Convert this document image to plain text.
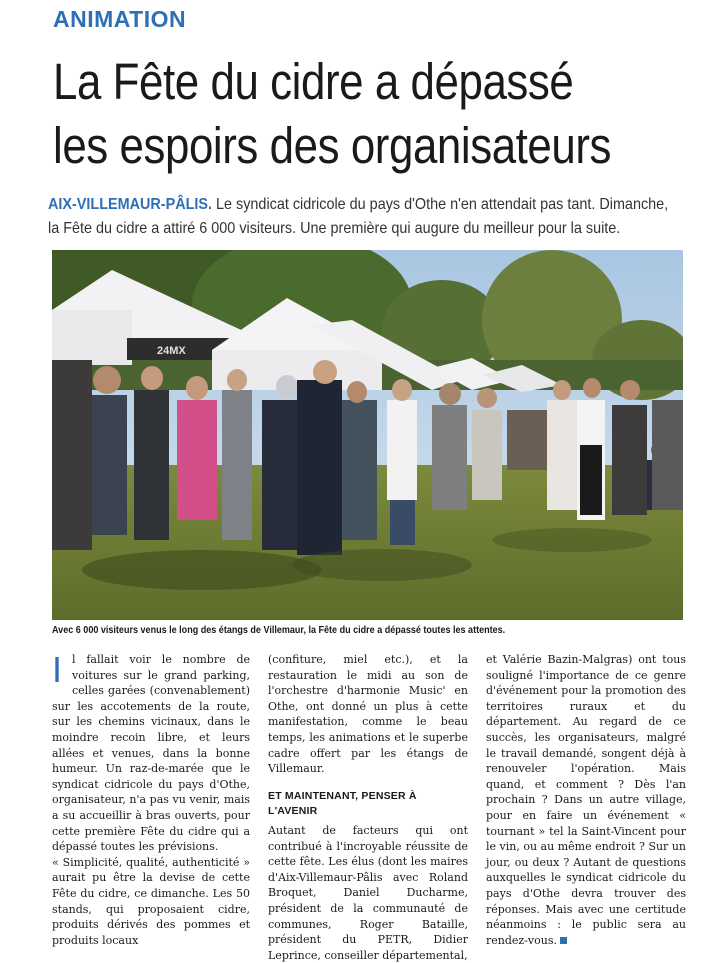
ANIMATION
La Fête du cidre a dépassé
les espoirs des organisateurs
AIX-VILLEMAUR-PÂLIS. Le syndicat cidricole du pays d'Othe n'en attendait pas tant. Dimanche, la Fête du cidre a attiré 6 000 visiteurs. Une première qui augure du meilleur pour la suite.
24MX
Avec 6 000 visiteurs venus le long des étangs de Villemaur, la Fête du cidre a dépassé toutes les attentes.

Il fallait voir le nombre de voitures sur le grand parking, celles garées (convenablement) sur les accotements de la route, sur les chemins vicinaux, dans le moindre recoin libre, et leurs allées et venues, dans la bonne humeur. Un raz-de-marée que le syndicat cidricole du pays d'Othe, organisateur, n'a pas vu venir, mais a su accueillir à bras ouverts, pour cette première Fête du cidre qui a dépassé toutes les prévisions.

« Simplicité, qualité, authenticité » aurait pu être la devise de cette Fête du cidre, ce dimanche. Les 50 stands, qui proposaient cidre, produits dérivés des pommes et produits locaux

(confiture, miel etc.), et la restauration le midi au son de l'orchestre d'harmonie Music' en Othe, ont donné un plus à cette manifestation, comme le beau temps, les animations et le superbe cadre offert par les étangs de Villemaur.

ET MAINTENANT, PENSER À L'AVENIR

Autant de facteurs qui ont contribué à l'incroyable réussite de cette fête. Les élus (dont les maires d'Aix-Villemaur-Pâlis avec Roland Broquet, Daniel Ducharme, président de la communauté de communes, Roger Bataille, président du PETR, Didier Leprince, conseiller départemental,

et Valérie Bazin-Malgras) ont tous souligné l'importance de ce genre d'événement pour la promotion des territoires ruraux et du département. Au regard de ce succès, les organisateurs, malgré le travail demandé, songent déjà à renouveler l'opération. Mais quand, et comment ? Dès l'an prochain ? Dans un autre village, pour en faire un événement « tournant » tel la Saint-Vincent pour le vin, ou au même endroit ? Sur un jour, ou deux ? Autant de questions auxquelles le syndicat cidricole du pays d'Othe devra trouver des réponses. Mais avec une certitude néanmoins : le public sera au rendez-vous.
